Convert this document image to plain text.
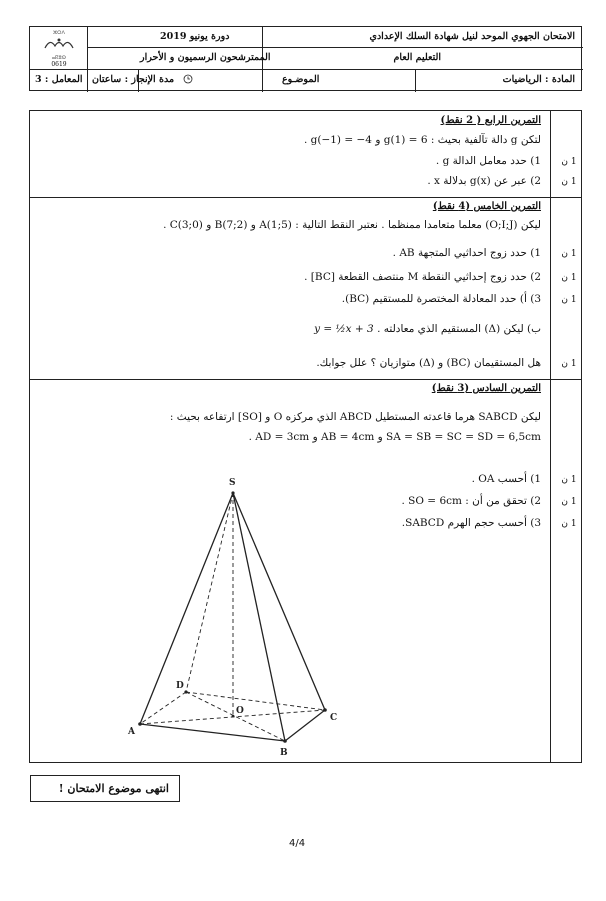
ⵣⵔⴷ
ⴰⴽⵓⵙ
0619
الامتحان الجهوي الموحد لنيل شهادة السلك الإعدادي
دورة يونيو 2019
التعليم العام
الممترشحون الرسميون و الأحرار
المادة : الرياضيات
الموضـوع
مدة الإنجاز : ساعتان
المعامل : 3
التمرين الرابع ( 2 نقط)
لتكن g دالة تآلفية بحيث : g(1) = 6 و g(−1) = −4 .
1) حدد معامل الدالة g .
2) عبر عن g(x) بدلالة x .
1 ن
1 ن
التمرين الخامس (4 نقط)
ليكن (O;I;J) معلما متعامدا ممنظما . نعتبر النقط التالية : A(1;5) و B(7;2) و C(3;0) .
1) حدد زوج احداثيي المتجهة AB .
2) حدد زوج إحداثيي النقطة M منتصف القطعة [BC] .
3) أ) حدد المعادلة المختصرة للمستقيم (BC).
ب) ليكن (Δ) المستقيم الذي معادلته y = ½x + 3 .
هل المستقيمان (BC) و (Δ) متوازيان ؟ علل جوابك.
1 ن
1 ن
1 ن
1 ن
التمرين السادس (3 نقط)
ليكن SABCD هرما قاعدته المستطيل ABCD الذي مركزه O و [SO] ارتفاعه بحيث :
SA = SB = SC = SD = 6,5cm و AB = 4cm و AD = 3cm .
1) أحسب OA .
2) تحقق من أن : SO = 6cm .
3) أحسب حجم الهرم SABCD.
1 ن
1 ن
1 ن
S
A
B
C
D
O
انتهى موضوع الامتحان !
4/4
